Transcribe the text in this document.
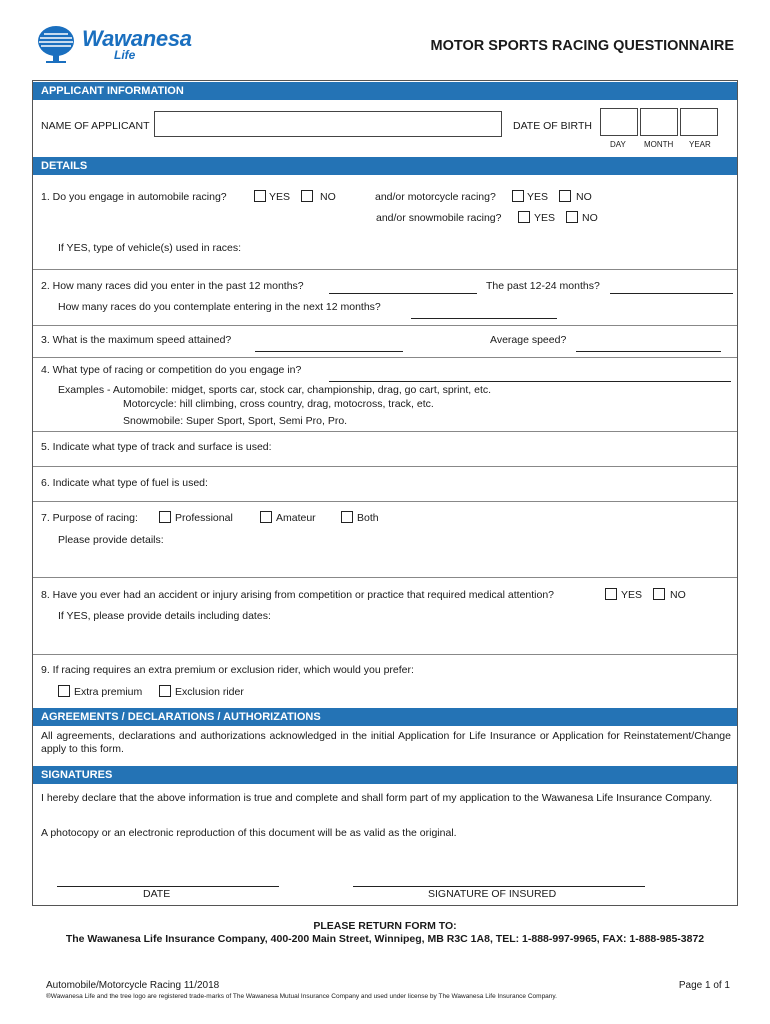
Wawanesa
Life
MOTOR SPORTS RACING QUESTIONNAIRE
APPLICANT INFORMATION
NAME OF APPLICANT	DATE OF BIRTH
DAY MONTH YEAR
DETAILS
1. Do you engage in automobile racing?	YES	NO	and/or motorcycle racing?	YES	NO
and/or snowmobile racing?	YES	NO
If YES, type of vehicle(s) used in races:
2. How many races did you enter in the past 12 months?	The past 12-24 months?
How many races do you contemplate entering in the next 12 months?
3. What is the maximum speed attained?	Average speed?
4. What type of racing or competition do you engage in?
Examples - Automobile: midget, sports car, stock car, championship, drag, go cart, sprint, etc.
Motorcycle: hill climbing, cross country, drag, motocross, track, etc.
Snowmobile: Super Sport, Sport, Semi Pro, Pro.
5. Indicate what type of track and surface is used:
6. Indicate what type of fuel is used:
7. Purpose of racing:	Professional	Amateur	Both
Please provide details:
8. Have you ever had an accident or injury arising from competition or practice that required medical attention?	YES	NO
If YES, please provide details including dates:
9. If racing requires an extra premium or exclusion rider, which would you prefer:
Extra premium	Exclusion rider
AGREEMENTS / DECLARATIONS / AUTHORIZATIONS
All agreements, declarations and authorizations acknowledged in the initial Application for Life Insurance or Application for Reinstatement/Change apply to this form.
SIGNATURES
I hereby declare that the above information is true and complete and shall form part of my application to the Wawanesa Life Insurance Company.
A photocopy or an electronic reproduction of this document will be as valid as the original.
DATE	SIGNATURE OF INSURED
PLEASE RETURN FORM TO:
The Wawanesa Life Insurance Company, 400-200 Main Street, Winnipeg, MB R3C 1A8, TEL: 1-888-997-9965, FAX: 1-888-985-3872
Automobile/Motorcycle Racing 11/2018	Page 1 of 1
®Wawanesa Life and the tree logo are registered trade-marks of The Wawanesa Mutual Insurance Company and used under license by The Wawanesa Life Insurance Company.
